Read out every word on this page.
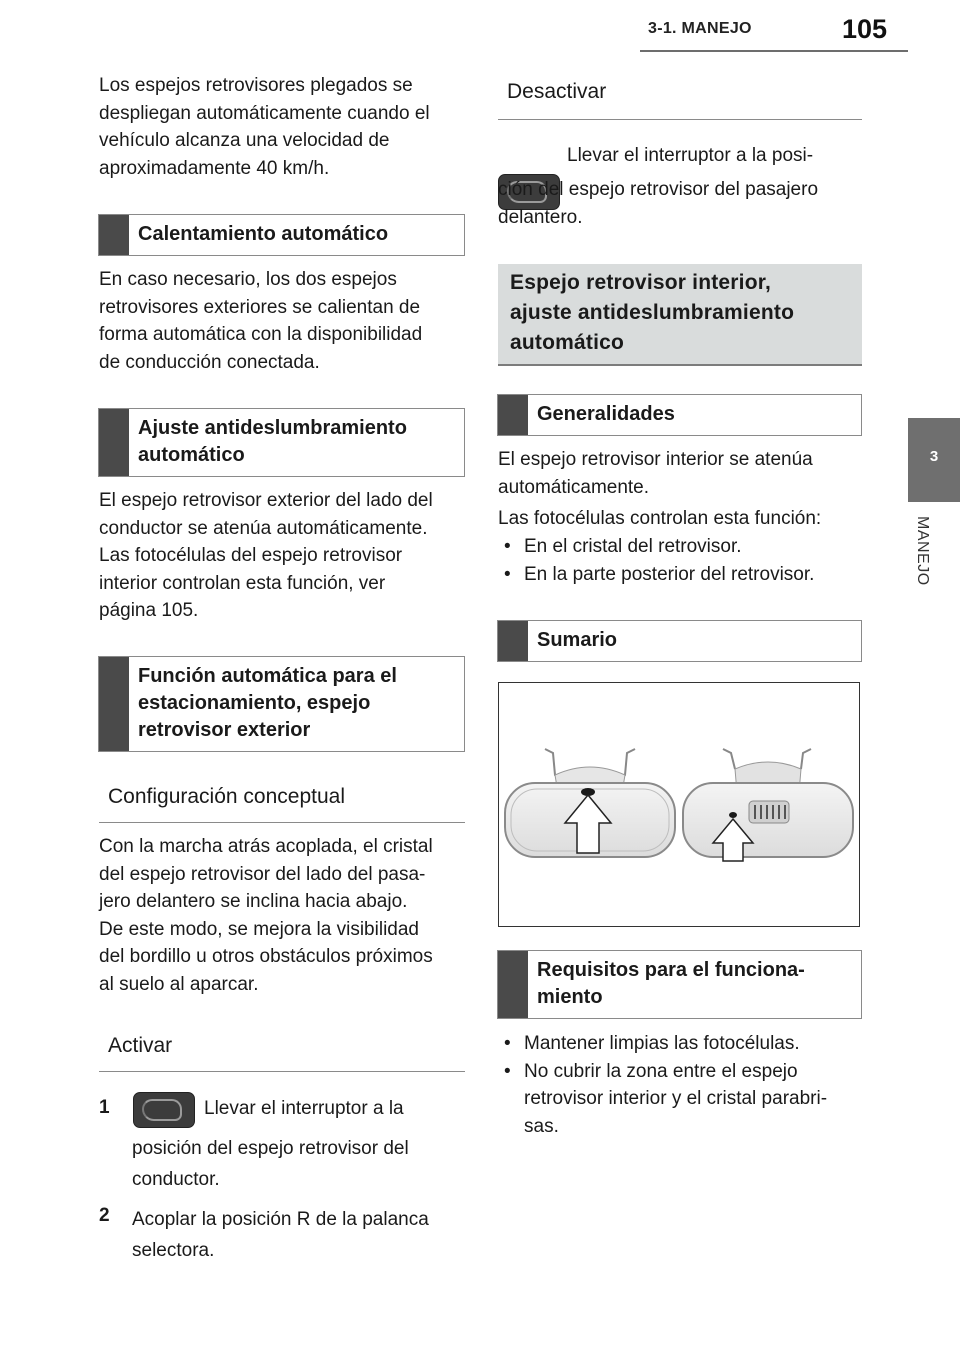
3-1. MANEJO	105
3
MANEJO

Los espejos retrovisores plegados se

despliegan automáticamente cuando el

vehículo alcanza una velocidad de

aproximadamente 40 km/h.

Calentamiento automático

En caso necesario, los dos espejos

retrovisores exteriores se calientan de

forma automática con la disponibilidad

de conducción conectada.

Ajuste antideslumbramiento

automático

El espejo retrovisor exterior del lado del

conductor se atenúa automáticamente.

Las fotocélulas del espejo retrovisor

interior controlan esta función, ver

página 105.

Función automática para el

estacionamiento, espejo

retrovisor exterior

Configuración conceptual

Con la marcha atrás acoplada, el cristal

del espejo retrovisor del lado del pasa-

jero delantero se inclina hacia abajo.

De este modo, se mejora la visibilidad

del bordillo u otros obstáculos próximos

al suelo al aparcar.

Activar
1	Llevar el interruptor a la

posición del espejo retrovisor del

conductor.

2 Acoplar la posición R de la palanca

selectora.

Desactivar
Llevar el interruptor a la posi-

ción del espejo retrovisor del pasajero

delantero.

Espejo retrovisor interior,

ajuste antideslumbramiento

automático

Generalidades

El espejo retrovisor interior se atenúa

automáticamente.

Las fotocélulas controlan esta función:
• En el cristal del retrovisor.
• En la parte posterior del retrovisor.
Sumario

Requisitos para el funciona-

miento

• Mantener limpias las fotocélulas.

• No cubrir la zona entre el espejo

retrovisor interior y el cristal parabri-

sas.
